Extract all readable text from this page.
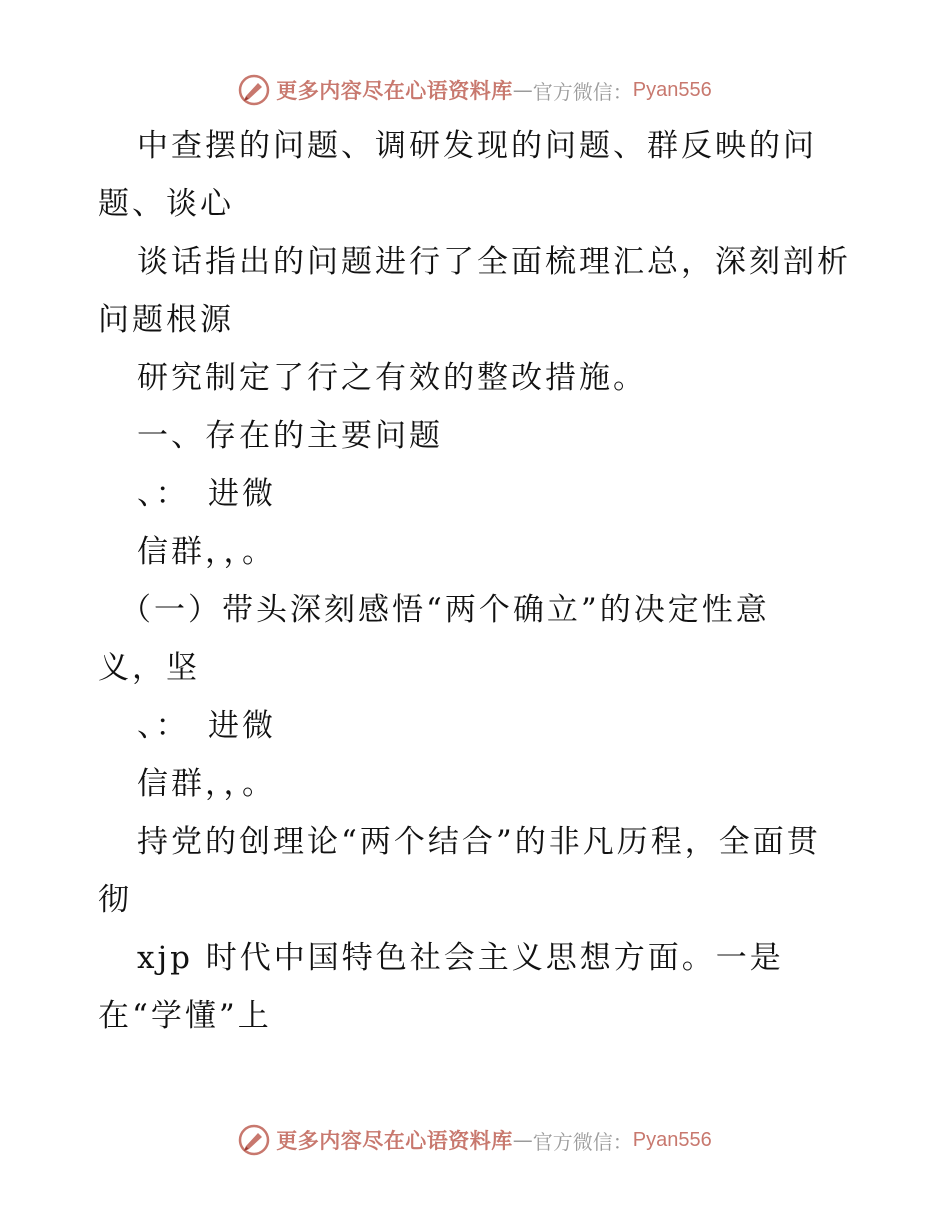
更多内容尽在心语资料库 — 官方微信： Pyan556
中查摆的问题、调研发现的问题、群反映的问
题、谈心
谈话指出的问题进行了全面梳理汇总，深刻剖析
问题根源
研究制定了行之有效的整改措施。
一、存在的主要问题
、：　进微
信群，，。
（一）带头深刻感悟“两个确立”的决定性意
义，坚
、：　进微
信群，，。
持党的创理论“两个结合”的非凡历程，全面贯
彻
xjp 时代中国特色社会主义思想方面。一是
在“学懂”上
更多内容尽在心语资料库 — 官方微信： Pyan556
